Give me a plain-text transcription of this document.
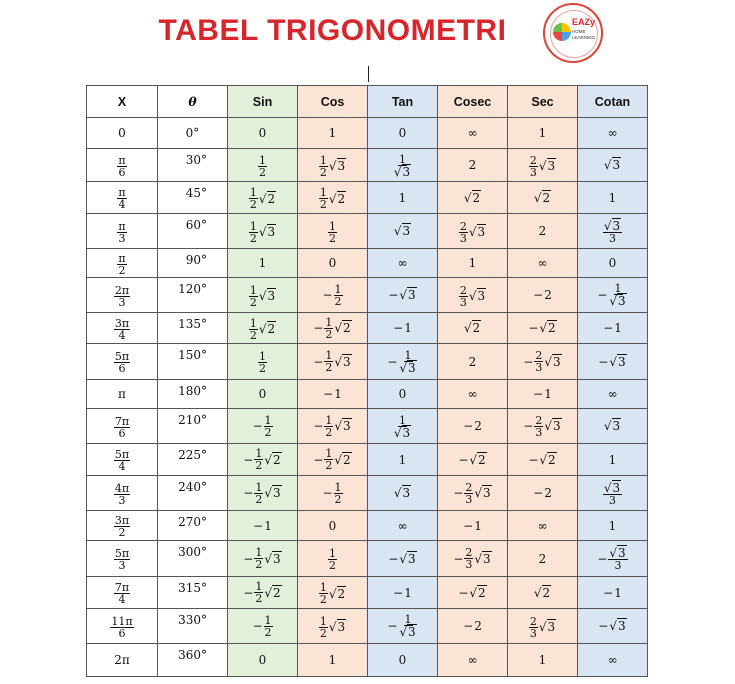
TABEL TRIGONOMETRI	EAZy
HOME LEARNING
X	θ	Sin	Cos	Tan	Cosec	Sec	Cotan

0	0°	0	1	0	∞	1	∞

$\frac{\pi}{6}$	30°	$\frac{1}{2}$	$\frac{1}{2} √3$	$\frac{1}{√3}$	2	$\frac{2}{3} √3$	√3

$\frac{\pi}{4}$	45°	$\frac{1}{2} √2$	$\frac{1}{2} √2$	1	√2	√2	1

$\frac{\pi}{3}$	60°	$\frac{1}{2} √3$	$\frac{1}{2}$	√3	$\frac{2}{3} √3$	2	$\frac{√3}{3}$

$\frac{\pi}{2}$	90°	1	0	∞	1	∞	0

$\frac{2\pi}{3}$	120°	$\frac{1}{2} √3$	− $\frac{1}{2}$	− √3	$\frac{2}{3} √3$	− 2	− $\frac{1}{√3}$

$\frac{3\pi}{4}$	135°	$\frac{1}{2} √2$	− $\frac{1}{2} √2$	− 1	√2	− √2	− 1

$\frac{5\pi}{6}$	150°	$\frac{1}{2}$	− $\frac{1}{2} √3$	− $\frac{1}{√3}$	2	− $\frac{2}{3} √3$	− √3

π	180°	0	− 1	0	∞	− 1	∞

$\frac{7\pi}{6}$	210°	− $\frac{1}{2}$	− $\frac{1}{2} √3$	$\frac{1}{√3}$	− 2	− $\frac{2}{3} √3$	√3

$\frac{5\pi}{4}$	225°	− $\frac{1}{2} √2$	− $\frac{1}{2} √2$	1	− √2	− √2	1

$\frac{4\pi}{3}$	240°	− $\frac{1}{2} √3$	− $\frac{1}{2}$	√3	− $\frac{2}{3} √3$	− 2	$\frac{√3}{3}$

$\frac{3\pi}{2}$	270°	− 1	0	∞	− 1	∞	1

$\frac{5\pi}{3}$	300°	− $\frac{1}{2} √3$	$\frac{1}{2}$	− √3	− $\frac{2}{3} √3$	2	− $\frac{√3}{3}$

$\frac{7\pi}{4}$	315°	− $\frac{1}{2} √2$	$\frac{1}{2} √2$	− 1	− √2	√2	− 1

$\frac{11\pi}{6}$	330°	− $\frac{1}{2}$	$\frac{1}{2} √3$	− $\frac{1}{√3}$	− 2	$\frac{2}{3} √3$	− √3

2π	360°	0	1	0	∞	1	∞
